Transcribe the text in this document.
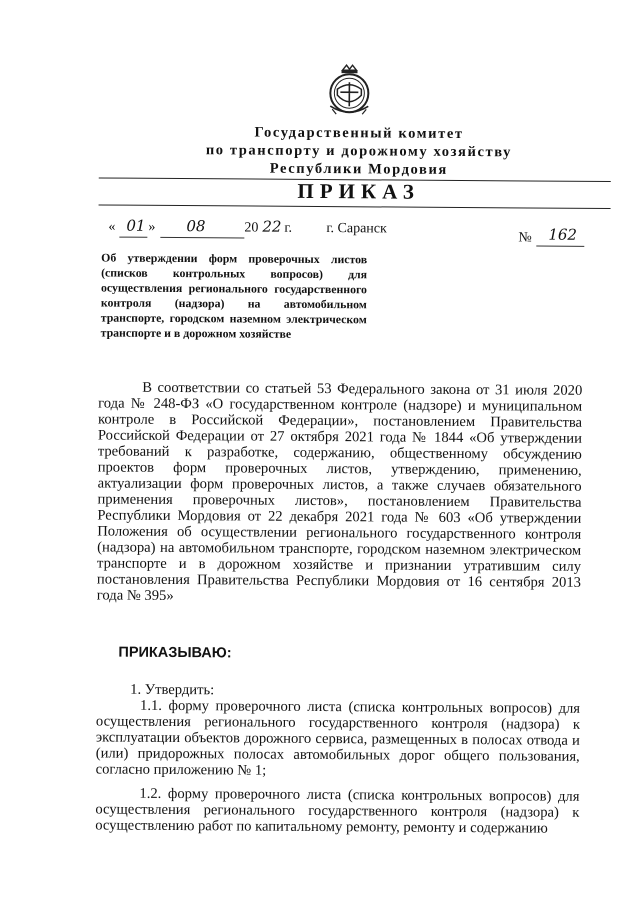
Государственный комитет
по транспорту и дорожному хозяйству
Республики Мордовия
ПРИКАЗ
« 01 » 08	20 22 г. г. Саранск
№ 162
Об утверждении форм проверочных листов (списков контрольных вопросов) для осуществления регионального государственного контроля (надзора) на автомобильном транспорте, городском наземном электрическом транспорте и в дорожном хозяйстве
В соответствии со статьей 53 Федерального закона от 31 июля 2020 года № 248-ФЗ «О государственном контроле (надзоре) и муниципальном контроле в Российской Федерации», постановлением Правительства Российской Федерации от 27 октября 2021 года № 1844 «Об утверждении требований к разработке, содержанию, общественному обсуждению проектов форм проверочных листов, утверждению, применению, актуализации форм проверочных листов, а также случаев обязательного применения проверочных листов», постановлением Правительства Республики Мордовия от 22 декабря 2021 года № 603 «Об утверждении Положения об осуществлении регионального государственного контроля (надзора) на автомобильном транспорте, городском наземном электрическом транспорте и в дорожном хозяйстве и признании утратившим силу постановления Правительства Республики Мордовия от 16 сентября 2013 года № 395»
ПРИКАЗЫВАЮ:
1. Утвердить:
1.1. форму проверочного листа (списка контрольных вопросов) для осуществления регионального государственного контроля (надзора) к эксплуатации объектов дорожного сервиса, размещенных в полосах отвода и (или) придорожных полосах автомобильных дорог общего пользования, согласно приложению № 1;
1.2. форму проверочного листа (списка контрольных вопросов) для осуществления регионального государственного контроля (надзора) к осуществлению работ по капитальному ремонту, ремонту и содержанию
